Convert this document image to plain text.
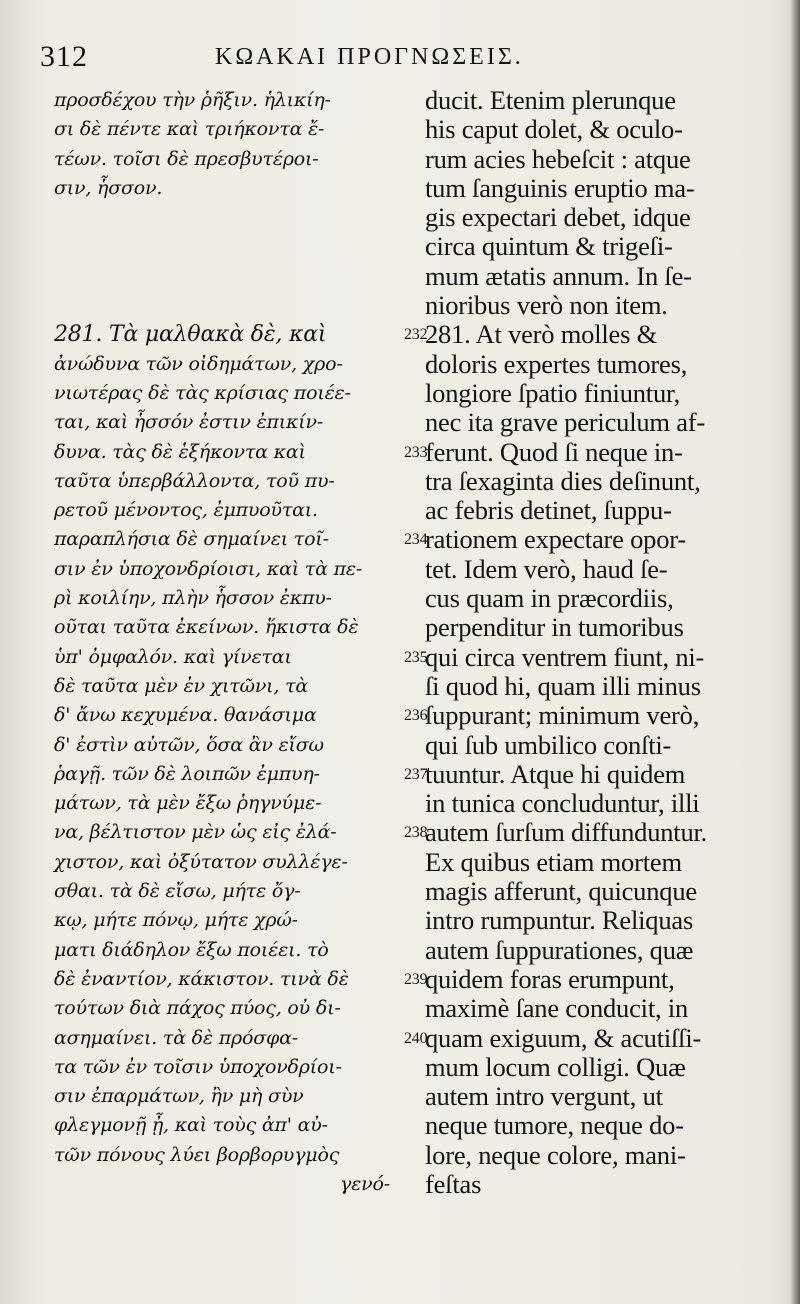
312	ΚΩΑΚΑΙ ΠΡΟΓΝΩΣΕΙΣ.
προσδέχου τὴν ῥῆξιν. ἡλικίη-
σι δὲ πέντε καὶ τριήκοντα ἔ-
τέων. τοῖσι δὲ πρεσβυτέροι-
σιν, ἧσσον.
281. Τὰ μαλθακὰ δὲ, καὶ	232
ἀνώδυνα τῶν οἰδημάτων, χρο-
νιωτέρας δὲ τὰς κρίσιας ποιέε-
ται, καὶ ἧσσόν ἐστιν ἐπικίν-
δυνα. τὰς δὲ ἑξήκοντα καὶ	233
ταῦτα ὑπερβάλλοντα, τοῦ πυ-
ρετοῦ μένοντος, ἐμπυοῦται.
παραπλήσια δὲ σημαίνει τοῖ-	234
σιν ἐν ὑποχονδρίοισι, καὶ τὰ πε-
ρὶ κοιλίην, πλὴν ἧσσον ἐκπυ-
οῦται ταῦτα ἐκείνων. ἥκιστα δὲ
ὑπ' ὀμφαλόν. καὶ γίνεται	235
δὲ ταῦτα μὲν ἐν χιτῶνι, τὰ
δ' ἄνω κεχυμένα. θανάσιμα	236
δ' ἐστὶν αὐτῶν, ὅσα ἂν εἴσω
ῥαγῇ. τῶν δὲ λοιπῶν ἐμπυη-	237
μάτων, τὰ μὲν ἔξω ῥηγνύμε-
να, βέλτιστον μὲν ὡς εἰς ἐλά-	238
χιστον, καὶ ὀξύτατον συλλέγε-
σθαι. τὰ δὲ εἴσω, μήτε ὄγ-
κῳ, μήτε πόνῳ, μήτε χρώ-
ματι διάδηλον ἔξω ποιέει. τὸ
δὲ ἐναντίον, κάκιστον. τινὰ δὲ	239
τούτων διὰ πάχος πύος, οὐ δι-
ασημαίνει. τὰ δὲ πρόσφα-	240
τα τῶν ἐν τοῖσιν ὑποχονδρίοι-
σιν ἐπαρμάτων, ἢν μὴ σὺν
φλεγμονῇ ᾖ, καὶ τοὺς ἀπ' αὐ-
τῶν πόνους λύει βορβορυγμὸς
γενό-
ducit. Etenim plerunque
his caput dolet, & oculo-
rum acies hebeſcit : atque
tum ſanguinis eruptio ma-
gis expectari debet, idque
circa quintum & trigeſi-
mum ætatis annum. In ſe-
nioribus verò non item.
281. At verò molles &
doloris expertes tumores,
longiore ſpatio finiuntur,
nec ita grave periculum af-
ferunt. Quod ſi neque in-
tra ſexaginta dies deſinunt,
ac febris detinet, ſuppu-
rationem expectare opor-
tet. Idem verò, haud ſe-
cus quam in præcordiis,
perpenditur in tumoribus
qui circa ventrem fiunt, ni-
ſi quod hi, quam illi minus
ſuppurant; minimum verò,
qui ſub umbilico conſti-
tuuntur. Atque hi quidem
in tunica concluduntur, illi
autem ſurſum diffunduntur.
Ex quibus etiam mortem
magis afferunt, quicunque
intro rumpuntur. Reliquas
autem ſuppurationes, quæ
quidem foras erumpunt,
maximè ſane conducit, in
quam exiguum, & acutiſſi-
mum locum colligi. Quæ
autem intro vergunt, ut
neque tumore, neque do-
lore, neque colore, mani-
feſtas
